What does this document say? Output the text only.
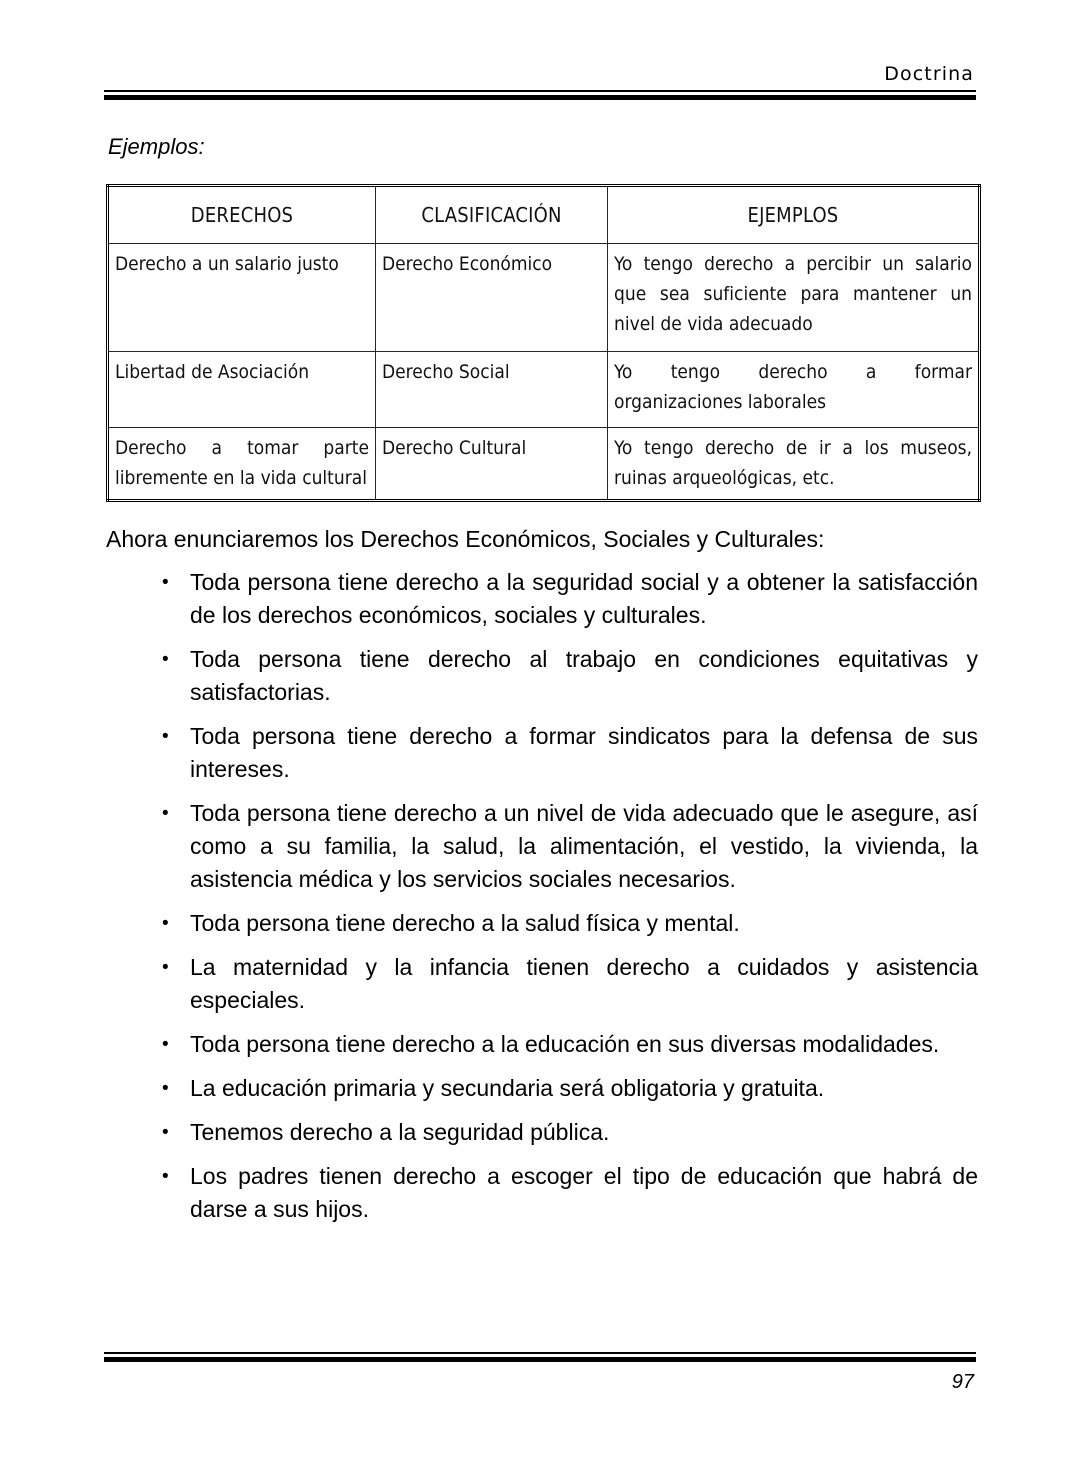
Doctrina
Ejemplos:
DERECHOS	CLASIFICACIÓN	EJEMPLOS
Derecho a un salario justo	Derecho Económico	Yo tengo derecho a percibir un salario que sea suficiente para mantener un nivel de vida adecuado
Libertad de Asociación	Derecho Social	Yo tengo derecho a formar organizaciones laborales
Derecho a tomar parte libremente en la vida cultural	Derecho Cultural	Yo tengo derecho de ir a los museos, ruinas arqueológicas, etc.

Ahora enunciaremos los Derechos Económicos, Sociales y Culturales:

• Toda persona tiene derecho a la seguridad social y a obtener la satisfacción de los derechos económicos, sociales y culturales.
• Toda persona tiene derecho al trabajo en condiciones equitativas y satisfactorias.
• Toda persona tiene derecho a formar sindicatos para la defensa de sus intereses.
• Toda persona tiene derecho a un nivel de vida adecuado que le asegure, así como a su familia, la salud, la alimentación, el vestido, la vivienda, la asistencia médica y los servicios sociales necesarios.
• Toda persona tiene derecho a la salud física y mental.
• La maternidad y la infancia tienen derecho a cuidados y asistencia especiales.
• Toda persona tiene derecho a la educación en sus diversas modalidades.
• La educación primaria y secundaria será obligatoria y gratuita.
• Tenemos derecho a la seguridad pública.
• Los padres tienen derecho a escoger el tipo de educación que habrá de darse a sus hijos.
97
